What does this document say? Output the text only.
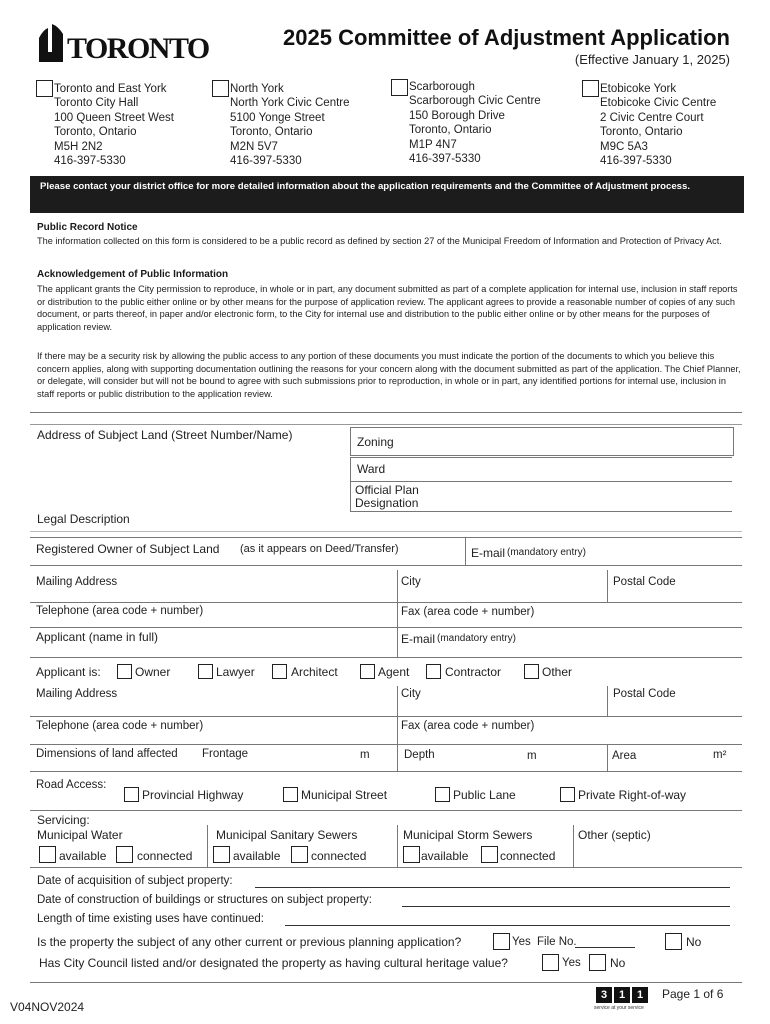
TORONTO	2025 Committee of Adjustment Application
(Effective January 1, 2025)
Toronto and East York
Toronto City Hall
100 Queen Street West
Toronto, Ontario
M5H 2N2
416-397-5330
North York
North York Civic Centre
5100 Yonge Street
Toronto, Ontario
M2N 5V7
416-397-5330
Scarborough
Scarborough Civic Centre
150 Borough Drive
Toronto, Ontario
M1P 4N7
416-397-5330
Etobicoke York
Etobicoke Civic Centre
2 Civic Centre Court
Toronto, Ontario
M9C 5A3
416-397-5330
Please contact your district office for more detailed information about the application requirements and the Committee of Adjustment process.
Public Record Notice
The information collected on this form is considered to be a public record as defined by section 27 of the Municipal Freedom of Information and Protection of Privacy Act.
Acknowledgement of Public Information
The applicant grants the City permission to reproduce, in whole or in part, any document submitted as part of a complete application for internal use, inclusion in staff reports or distribution to the public either online or by other means for the purpose of application review. The applicant agrees to provide a reasonable number of copies of any such document, or parts thereof, in paper and/or electronic form, to the City for internal use and distribution to the public either online or by other means for the purposes of application review.
If there may be a security risk by allowing the public access to any portion of these documents you must indicate the portion of the documents to which you believe this concern applies, along with supporting documentation outlining the reasons for your concern along with the document submitted as part of the application. The Chief Planner, or delegate, will consider but will not be bound to agree with such submissions prior to reproduction, in whole or in part, any identified portions for internal use, inclusion in staff reports or public distribution to the application review.
Address of Subject Land (Street Number/Name)	Zoning
Ward
Official Plan Designation
Legal Description
Registered Owner of Subject Land (as it appears on Deed/Transfer)	E-mail (mandatory entry)
Mailing Address	City	Postal Code
Telephone (area code + number)	Fax (area code + number)
Applicant (name in full)	E-mail (mandatory entry)
Applicant is:	Owner	Lawyer	Architect	Agent	Contractor	Other
Mailing Address	City	Postal Code
Telephone (area code + number)	Fax (area code + number)
Dimensions of land affected Frontage	m	Depth	m	Area	m²
Road Access:
Provincial Highway	Municipal Street	Public Lane	Private Right-of-way
Servicing:
Municipal Water	Municipal Sanitary Sewers	Municipal Storm Sewers	Other (septic)
available	connected	available	connected	available	connected
Date of acquisition of subject property:
Date of construction of buildings or structures on subject property:
Length of time existing uses have continued:
Is the property the subject of any other current or previous planning application?	Yes File No.	No
Has City Council listed and/or designated the property as having cultural heritage value?	Yes No
V04NOV2024
3	1	1
service at your service
Page 1 of 6
